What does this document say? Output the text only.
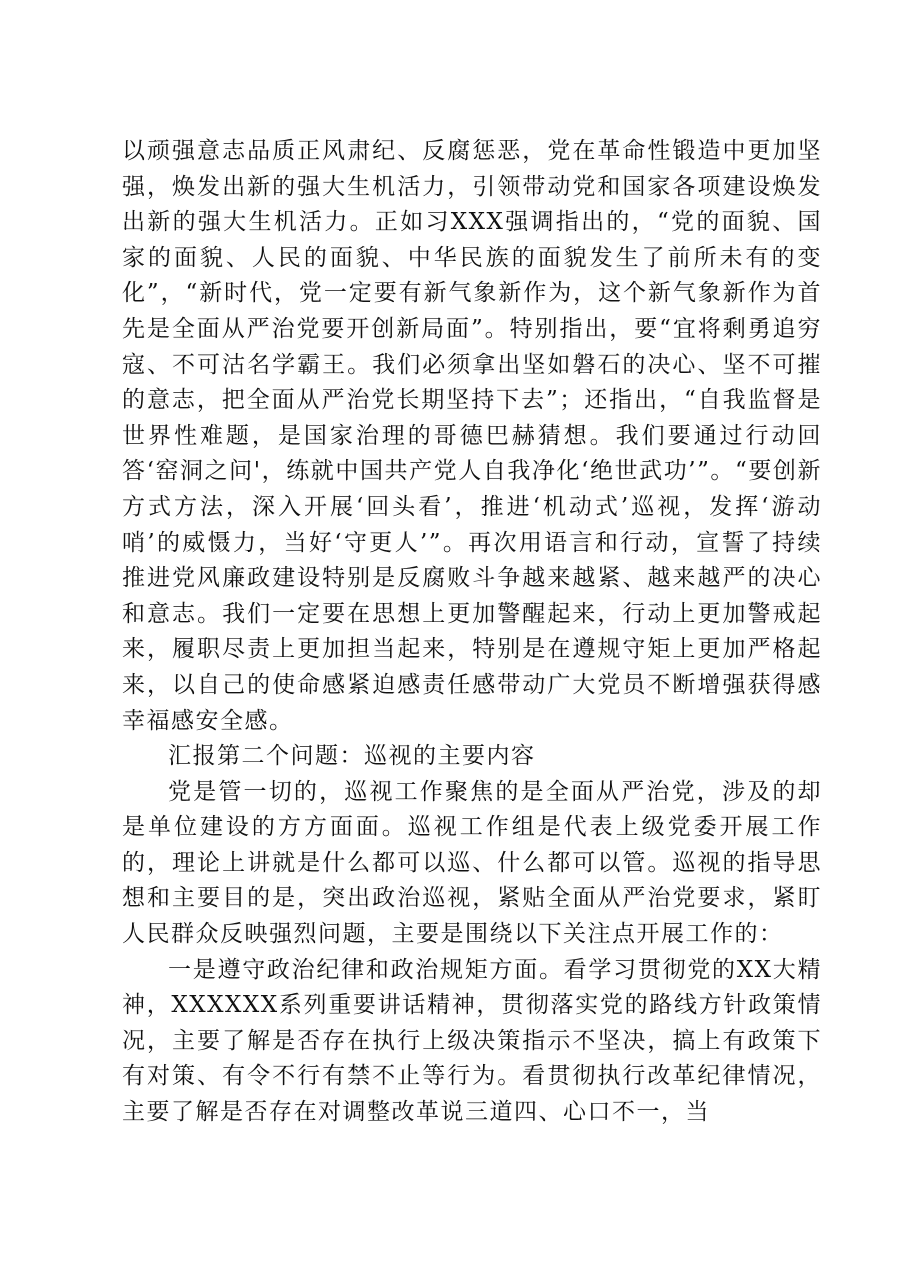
以顽强意志品质正风肃纪、反腐惩恶，党在革命性锻造中更加坚强，焕发出新的强大生机活力，引领带动党和国家各项建设焕发出新的强大生机活力。正如习XXX强调指出的，“党的面貌、国家的面貌、人民的面貌、中华民族的面貌发生了前所未有的变化”，“新时代，党一定要有新气象新作为，这个新气象新作为首先是全面从严治党要开创新局面”。特别指出，要“宜将剩勇追穷寇、不可沽名学霸王。我们必须拿出坚如磐石的决心、坚不可摧的意志，把全面从严治党长期坚持下去”；还指出，“自我监督是世界性难题，是国家治理的哥德巴赫猜想。我们要通过行动回答‘窑洞之问'，练就中国共产党人自我净化‘绝世武功’”。“要创新方式方法，深入开展‘回头看’，推进‘机动式’巡视，发挥‘游动哨’的威慑力，当好‘守更人’”。再次用语言和行动，宣誓了持续推进党风廉政建设特别是反腐败斗争越来越紧、越来越严的决心和意志。我们一定要在思想上更加警醒起来，行动上更加警戒起来，履职尽责上更加担当起来，特别是在遵规守矩上更加严格起来，以自己的使命感紧迫感责任感带动广大党员不断增强获得感幸福感安全感。

汇报第二个问题：巡视的主要内容

党是管一切的，巡视工作聚焦的是全面从严治党，涉及的却是单位建设的方方面面。巡视工作组是代表上级党委开展工作的，理论上讲就是什么都可以巡、什么都可以管。巡视的指导思想和主要目的是，突出政治巡视，紧贴全面从严治党要求，紧盯人民群众反映强烈问题，主要是围绕以下关注点开展工作的：

一是遵守政治纪律和政治规矩方面。看学习贯彻党的XX大精神，XXXXXX系列重要讲话精神，贯彻落实党的路线方针政策情况，主要了解是否存在执行上级决策指示不坚决，搞上有政策下有对策、有令不行有禁不止等行为。看贯彻执行改革纪律情况，主要了解是否存在对调整改革说三道四、心口不一，当
